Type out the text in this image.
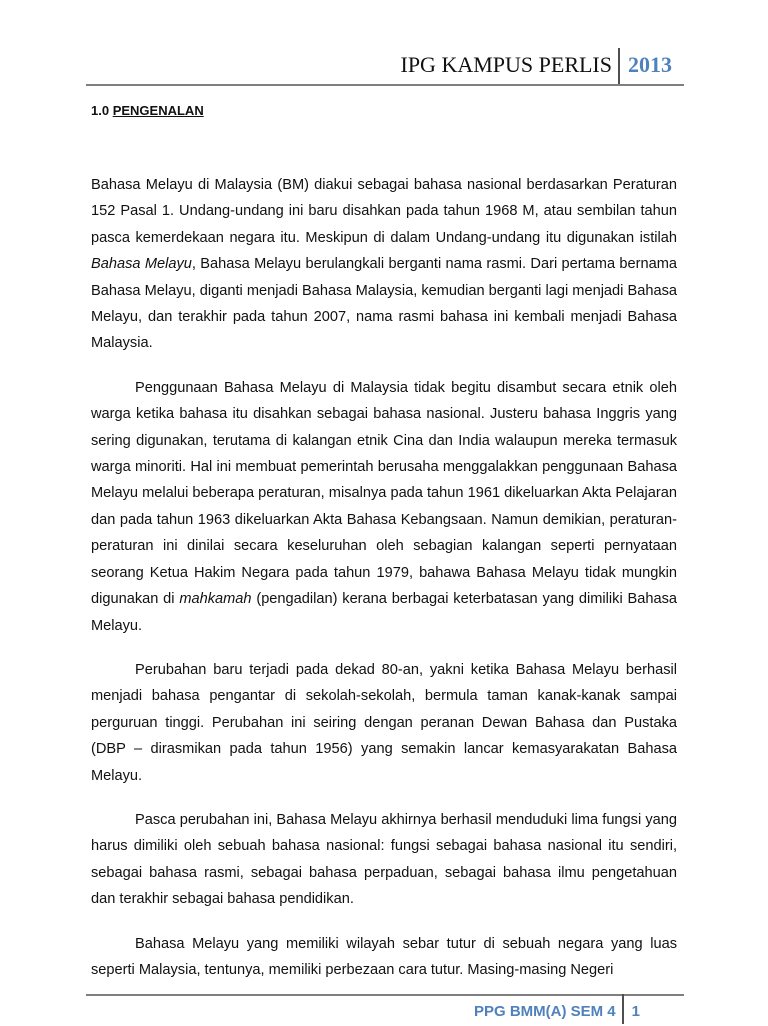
IPG KAMPUS PERLIS 2013
1.0 PENGENALAN

Bahasa Melayu di Malaysia (BM) diakui sebagai bahasa nasional berdasarkan Peraturan 152 Pasal 1. Undang-undang ini baru disahkan pada tahun 1968 M, atau sembilan tahun pasca kemerdekaan negara itu. Meskipun di dalam Undang-undang itu digunakan istilah Bahasa Melayu, Bahasa Melayu berulangkali berganti nama rasmi. Dari pertama bernama Bahasa Melayu, diganti menjadi Bahasa Malaysia, kemudian berganti lagi menjadi Bahasa Melayu, dan terakhir pada tahun 2007, nama rasmi bahasa ini kembali menjadi Bahasa Malaysia.

Penggunaan Bahasa Melayu di Malaysia tidak begitu disambut secara etnik oleh warga ketika bahasa itu disahkan sebagai bahasa nasional. Justeru bahasa Inggris yang sering digunakan, terutama di kalangan etnik Cina dan India walaupun mereka termasuk warga minoriti. Hal ini membuat pemerintah berusaha menggalakkan penggunaan Bahasa Melayu melalui beberapa peraturan, misalnya pada tahun 1961 dikeluarkan Akta Pelajaran dan pada tahun 1963 dikeluarkan Akta Bahasa Kebangsaan. Namun demikian, peraturan-peraturan ini dinilai secara keseluruhan oleh sebagian kalangan seperti pernyataan seorang Ketua Hakim Negara pada tahun 1979, bahawa Bahasa Melayu tidak mungkin digunakan di mahkamah (pengadilan) kerana berbagai keterbatasan yang dimiliki Bahasa Melayu.

Perubahan baru terjadi pada dekad 80-an, yakni ketika Bahasa Melayu berhasil menjadi bahasa pengantar di sekolah-sekolah, bermula taman kanak-kanak sampai perguruan tinggi. Perubahan ini seiring dengan peranan Dewan Bahasa dan Pustaka (DBP – dirasmikan pada tahun 1956) yang semakin lancar kemasyarakatan Bahasa Melayu.

Pasca perubahan ini, Bahasa Melayu akhirnya berhasil menduduki lima fungsi yang harus dimiliki oleh sebuah bahasa nasional: fungsi sebagai bahasa nasional itu sendiri, sebagai bahasa rasmi, sebagai bahasa perpaduan, sebagai bahasa ilmu pengetahuan dan terakhir sebagai bahasa pendidikan.

Bahasa Melayu yang memiliki wilayah sebar tutur di sebuah negara yang luas seperti Malaysia, tentunya, memiliki perbezaan cara tutur. Masing-masing Negeri

PPG BMM(A) SEM 4	1
